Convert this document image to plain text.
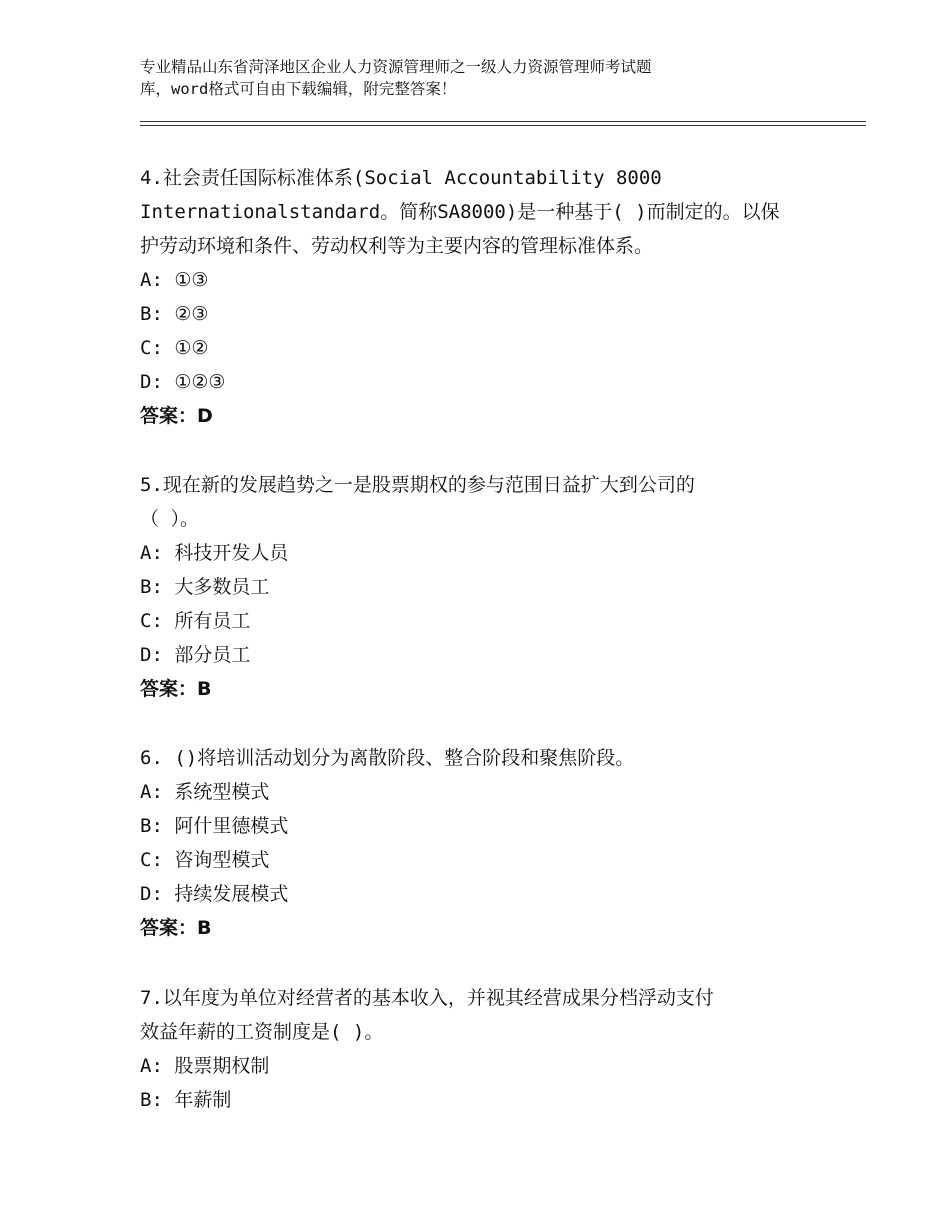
专业精品山东省菏泽地区企业人力资源管理师之一级人力资源管理师考试题
库，word格式可自由下载编辑，附完整答案！
4.社会责任国际标准体系(Social Accountability 8000
Internationalstandard。简称SA8000)是一种基于( )而制定的。以保
护劳动环境和条件、劳动权利等为主要内容的管理标准体系。
A: ①③
B: ②③
C: ①②
D: ①②③
答案：D
5.现在新的发展趋势之一是股票期权的参与范围日益扩大到公司的
（ ）。
A: 科技开发人员
B: 大多数员工
C: 所有员工
D: 部分员工
答案：B
6. ()将培训活动划分为离散阶段、整合阶段和聚焦阶段。
A: 系统型模式
B: 阿什里德模式
C: 咨询型模式
D: 持续发展模式
答案：B
7.以年度为单位对经营者的基本收入，并视其经营成果分档浮动支付
效益年薪的工资制度是( )。
A: 股票期权制
B: 年薪制
